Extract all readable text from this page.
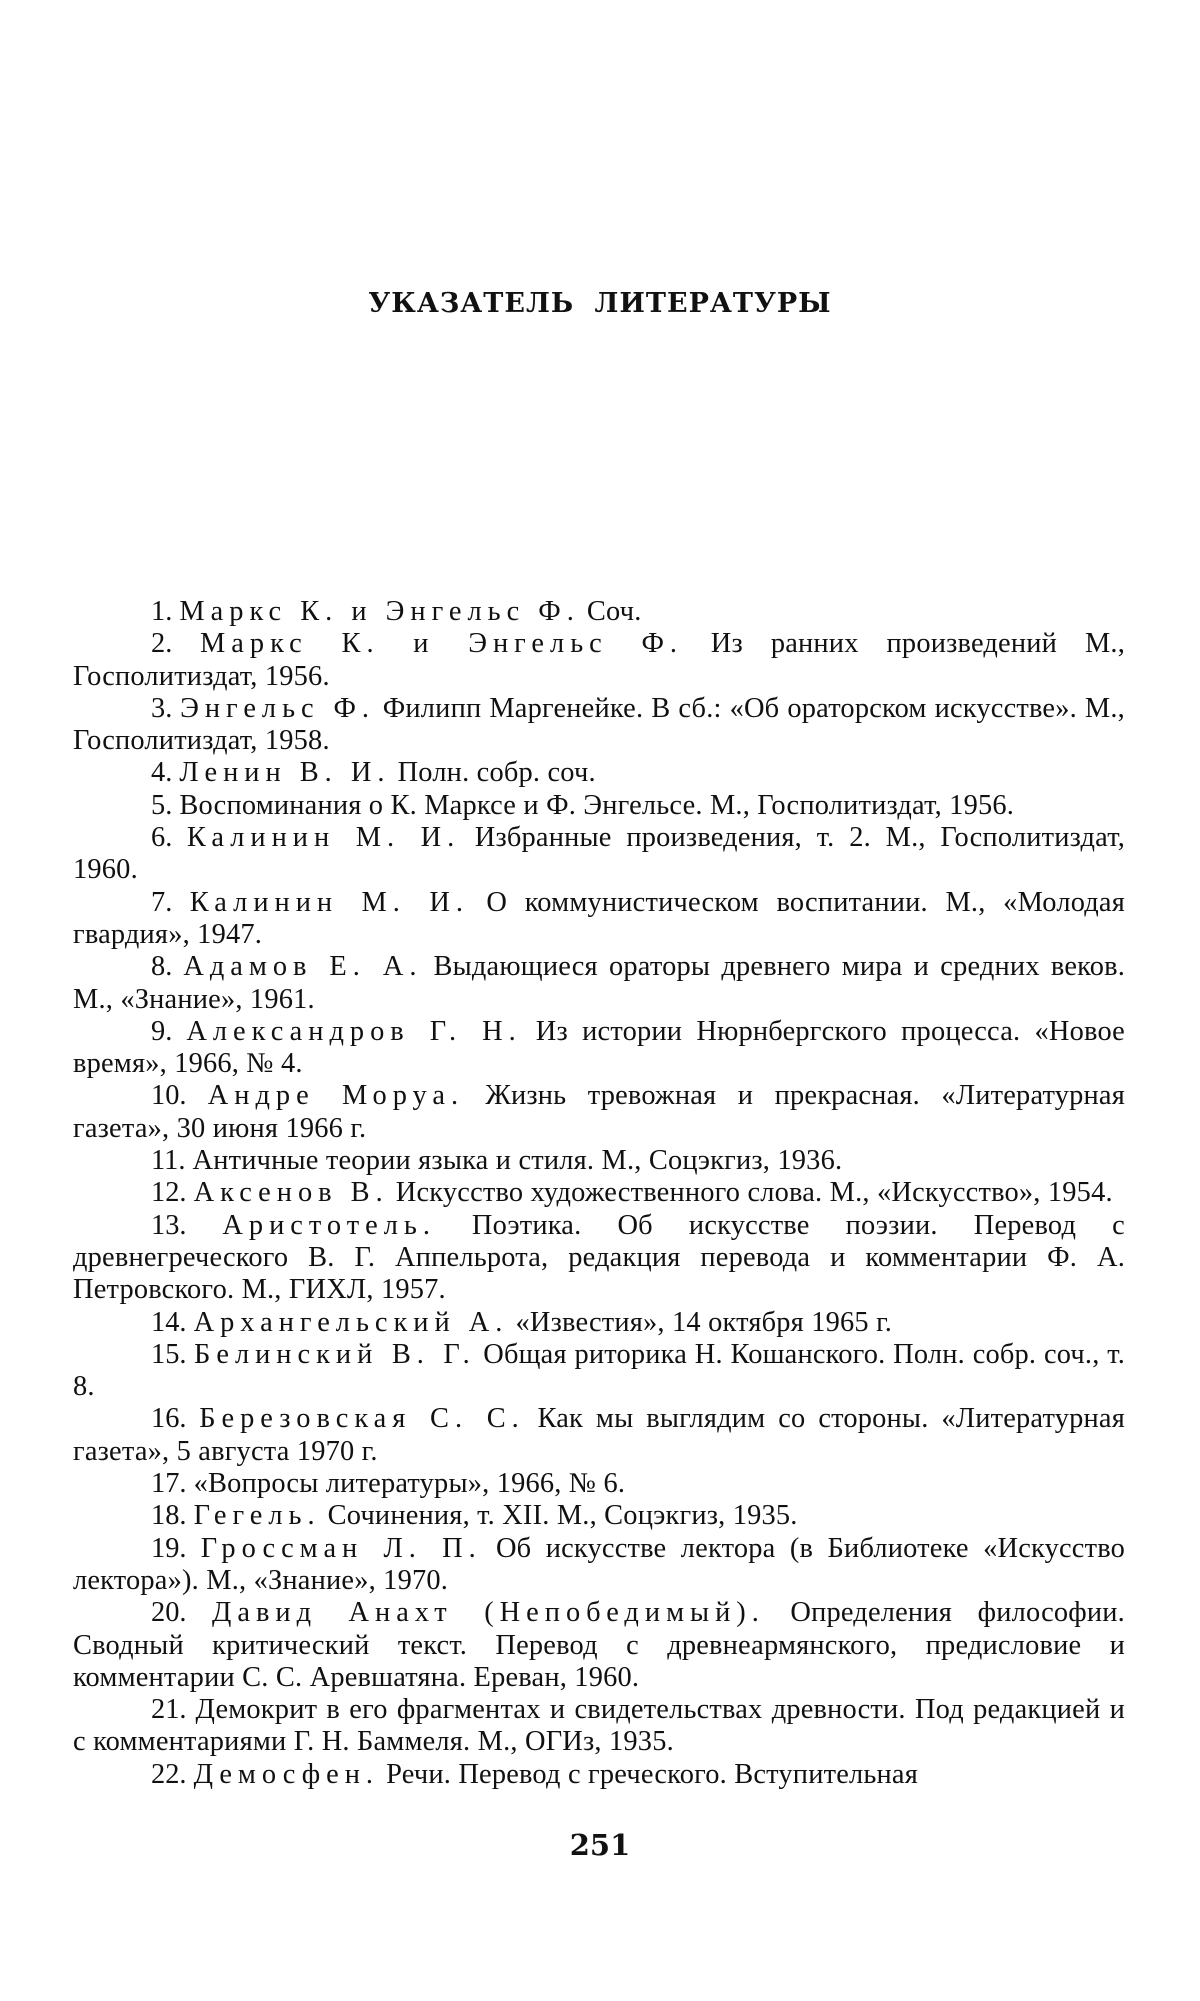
УКАЗАТЕЛЬ ЛИТЕРАТУРЫ

1. Маркс К. и Энгельс Ф. Соч.

2. Маркс К. и Энгельс Ф. Из ранних произведений М., Госполитиздат, 1956.

3. Энгельс Ф. Филипп Маргенейке. В сб.: «Об ораторском искусстве». М., Госполитиздат, 1958.

4. Ленин В. И. Полн. собр. соч.

5. Воспоминания о К. Марксе и Ф. Энгельсе. М., Госполитиздат, 1956.

6. Калинин М. И. Избранные произведения, т. 2. М., Госполитиздат, 1960.

7. Калинин М. И. О коммунистическом воспитании. М., «Молодая гвардия», 1947.

8. Адамов Е. А. Выдающиеся ораторы древнего мира и средних веков. М., «Знание», 1961.

9. Александров Г. Н. Из истории Нюрнбергского процесса. «Новое время», 1966, № 4.

10. Андре Моруа. Жизнь тревожная и прекрасная. «Литературная газета», 30 июня 1966 г.

11. Античные теории языка и стиля. М., Соцэкгиз, 1936.

12. Аксенов В. Искусство художественного слова. М., «Искусство», 1954.

13. Аристотель. Поэтика. Об искусстве поэзии. Перевод с древнегреческого В. Г. Аппельрота, редакция перевода и комментарии Ф. А. Петровского. М., ГИХЛ, 1957.

14. Архангельский А. «Известия», 14 октября 1965 г.

15. Белинский В. Г. Общая риторика Н. Кошанского. Полн. собр. соч., т. 8.

16. Березовская С. С. Как мы выглядим со стороны. «Литературная газета», 5 августа 1970 г.

17. «Вопросы литературы», 1966, № 6.

18. Гегель. Сочинения, т. XII. М., Соцэкгиз, 1935.

19. Гроссман Л. П. Об искусстве лектора (в Библиотеке «Искусство лектора»). М., «Знание», 1970.

20. Давид Анахт (Непобедимый). Определения философии. Сводный критический текст. Перевод с древнеармянского, предисловие и комментарии С. С. Аревшатяна. Ереван, 1960.

21. Демокрит в его фрагментах и свидетельствах древности. Под редакцией и с комментариями Г. Н. Баммеля. М., ОГИз, 1935.

22. Демосфен. Речи. Перевод с греческого. Вступительная

251
